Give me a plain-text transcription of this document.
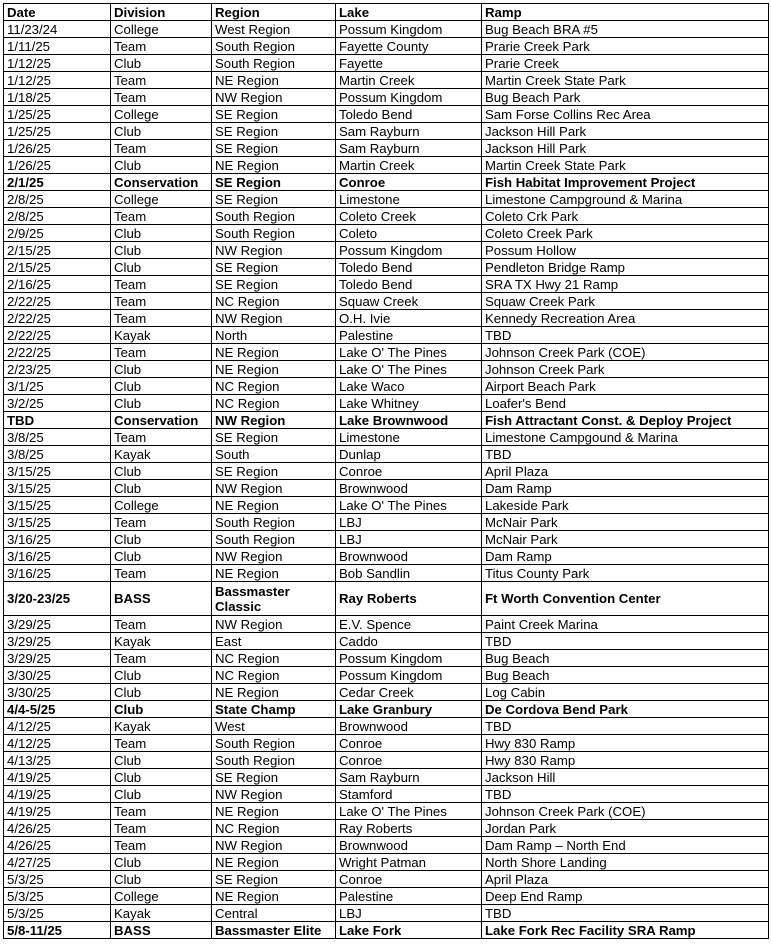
Date	Division	Region	Lake	Ramp
11/23/24	College	West Region	Possum Kingdom	Bug Beach BRA #5
1/11/25	Team	South Region	Fayette County	Prarie Creek Park
1/12/25	Club	South Region	Fayette	Prarie Creek
1/12/25	Team	NE Region	Martin Creek	Martin Creek State Park
1/18/25	Team	NW Region	Possum Kingdom	Bug Beach Park
1/25/25	College	SE Region	Toledo Bend	Sam Forse Collins Rec Area
1/25/25	Club	SE Region	Sam Rayburn	Jackson Hill Park
1/26/25	Team	SE Region	Sam Rayburn	Jackson Hill Park
1/26/25	Club	NE Region	Martin Creek	Martin Creek State Park
2/1/25	Conservation	SE Region	Conroe	Fish Habitat Improvement Project
2/8/25	College	SE Region	Limestone	Limestone Campground & Marina
2/8/25	Team	South Region	Coleto Creek	Coleto Crk Park
2/9/25	Club	South Region	Coleto	Coleto Creek Park
2/15/25	Club	NW Region	Possum Kingdom	Possum Hollow
2/15/25	Club	SE Region	Toledo Bend	Pendleton Bridge Ramp
2/16/25	Team	SE Region	Toledo Bend	SRA TX Hwy 21 Ramp
2/22/25	Team	NC Region	Squaw Creek	Squaw Creek Park
2/22/25	Team	NW Region	O.H. Ivie	Kennedy Recreation Area
2/22/25	Kayak	North	Palestine	TBD
2/22/25	Team	NE Region	Lake O' The Pines	Johnson Creek Park (COE)
2/23/25	Club	NE Region	Lake O' The Pines	Johnson Creek Park
3/1/25	Club	NC Region	Lake Waco	Airport Beach Park
3/2/25	Club	NC Region	Lake Whitney	Loafer's Bend
TBD	Conservation	NW Region	Lake Brownwood	Fish Attractant Const. & Deploy Project
3/8/25	Team	SE Region	Limestone	Limestone Campgound & Marina
3/8/25	Kayak	South	Dunlap	TBD
3/15/25	Club	SE Region	Conroe	April Plaza
3/15/25	Club	NW Region	Brownwood	Dam Ramp
3/15/25	College	NE Region	Lake O' The Pines	Lakeside Park
3/15/25	Team	South Region	LBJ	McNair Park
3/16/25	Club	South Region	LBJ	McNair Park
3/16/25	Club	NW Region	Brownwood	Dam Ramp
3/16/25	Team	NE Region	Bob Sandlin	Titus County Park
3/20-23/25	BASS	Bassmaster Classic	Ray Roberts	Ft Worth Convention Center
3/29/25	Team	NW Region	E.V. Spence	Paint Creek Marina
3/29/25	Kayak	East	Caddo	TBD
3/29/25	Team	NC Region	Possum Kingdom	Bug Beach
3/30/25	Club	NC Region	Possum Kingdom	Bug Beach
3/30/25	Club	NE Region	Cedar Creek	Log Cabin
4/4-5/25	Club	State Champ	Lake Granbury	De Cordova Bend Park
4/12/25	Kayak	West	Brownwood	TBD
4/12/25	Team	South Region	Conroe	Hwy 830 Ramp
4/13/25	Club	South Region	Conroe	Hwy 830 Ramp
4/19/25	Club	SE Region	Sam Rayburn	Jackson Hill
4/19/25	Club	NW Region	Stamford	TBD
4/19/25	Team	NE Region	Lake O' The Pines	Johnson Creek Park (COE)
4/26/25	Team	NC Region	Ray Roberts	Jordan Park
4/26/25	Team	NW Region	Brownwood	Dam Ramp – North End
4/27/25	Club	NE Region	Wright Patman	North Shore Landing
5/3/25	Club	SE Region	Conroe	April Plaza
5/3/25	College	NE Region	Palestine	Deep End Ramp
5/3/25	Kayak	Central	LBJ	TBD
5/8-11/25	BASS	Bassmaster Elite	Lake Fork	Lake Fork Rec Facility SRA Ramp
